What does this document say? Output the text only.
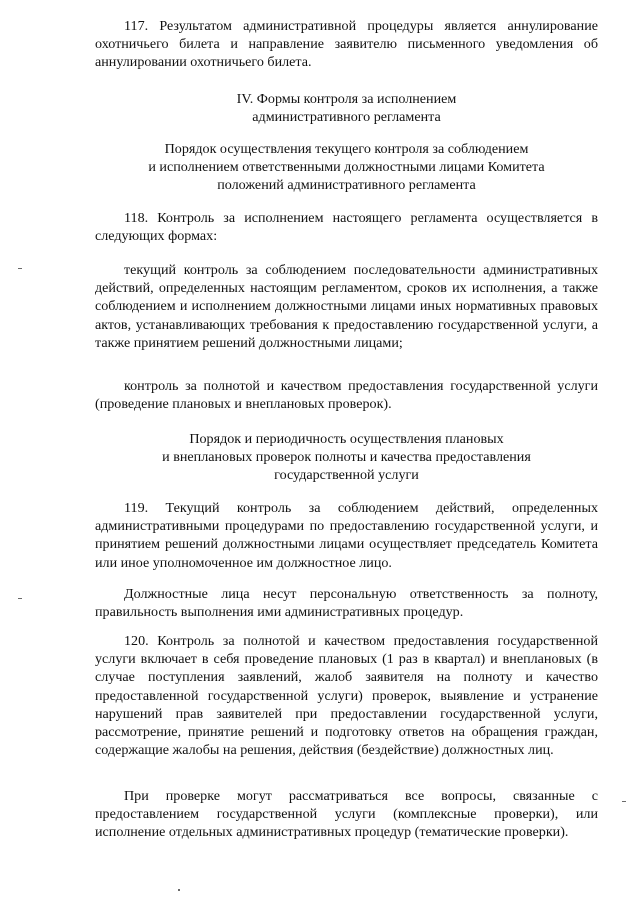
117. Результатом административной процедуры является аннулирование охотничьего билета и направление заявителю письменного уведомления об аннулировании охотничьего билета.

IV. Формы контроля за исполнением
административного регламента
Порядок осуществления текущего контроля за соблюдением
и исполнением ответственными должностными лицами Комитета
положений административного регламента

118. Контроль за исполнением настоящего регламента осуществляется в следующих формах:

текущий контроль за соблюдением последовательности административных действий, определенных настоящим регламентом, сроков их исполнения, а также соблюдением и исполнением должностными лицами иных нормативных правовых актов, устанавливающих требования к предоставлению государственной услуги, а также принятием решений должностными лицами;

контроль за полнотой и качеством предоставления государственной услуги (проведение плановых и внеплановых проверок).

Порядок и периодичность осуществления плановых
и внеплановых проверок полноты и качества предоставления
государственной услуги

119. Текущий контроль за соблюдением действий, определенных административными процедурами по предоставлению государственной услуги, и принятием решений должностными лицами осуществляет председатель Комитета или иное уполномоченное им должностное лицо.

Должностные лица несут персональную ответственность за полноту, правильность выполнения ими административных процедур.

120. Контроль за полнотой и качеством предоставления государственной услуги включает в себя проведение плановых (1 раз в квартал) и внеплановых (в случае поступления заявлений, жалоб заявителя на полноту и качество предоставленной государственной услуги) проверок, выявление и устранение нарушений прав заявителей при предоставлении государственной услуги, рассмотрение, принятие решений и подготовку ответов на обращения граждан, содержащие жалобы на решения, действия (бездействие) должностных лиц.

При проверке могут рассматриваться все вопросы, связанные с предоставлением государственной услуги (комплексные проверки), или исполнение отдельных административных процедур (тематические проверки).
